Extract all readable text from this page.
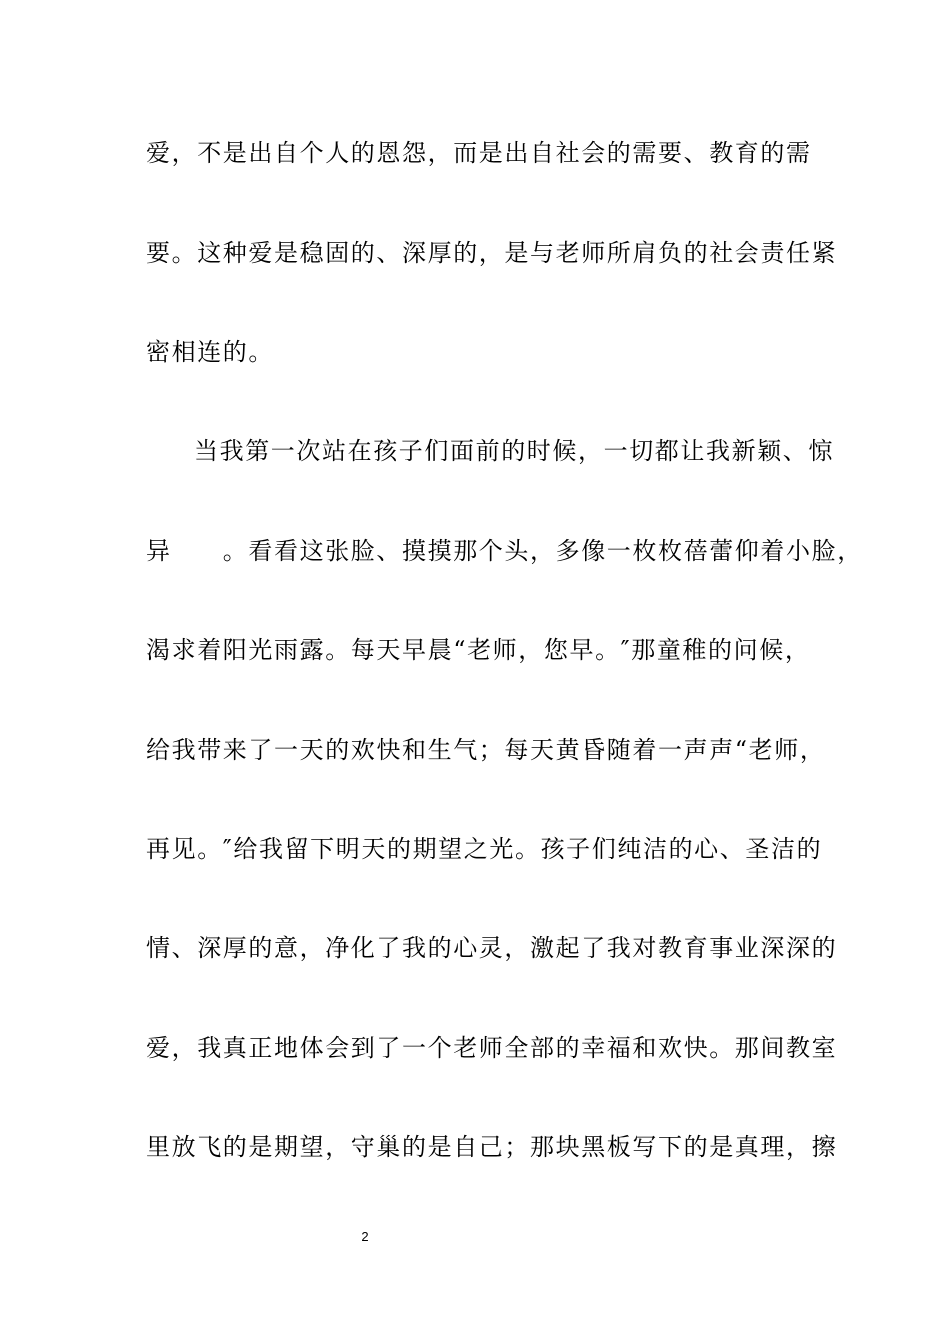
爱，不是出自个人的恩怨，而是出自社会的需要、教育的需
要。这种爱是稳固的、深厚的，是与老师所肩负的社会责任紧
密相连的。
当我第一次站在孩子们面前的时候，一切都让我新颖、惊
异　　。看看这张脸、摸摸那个头，多像一枚枚蓓蕾仰着小脸，
渴求着阳光雨露。每天早晨“老师，您早。″那童稚的问候，
给我带来了一天的欢快和生气；每天黄昏随着一声声“老师，
再见。″给我留下明天的期望之光。孩子们纯洁的心、圣洁的
情、深厚的意，净化了我的心灵，激起了我对教育事业深深的
爱，我真正地体会到了一个老师全部的幸福和欢快。那间教室
里放飞的是期望，守巢的是自己；那块黑板写下的是真理，擦
2
